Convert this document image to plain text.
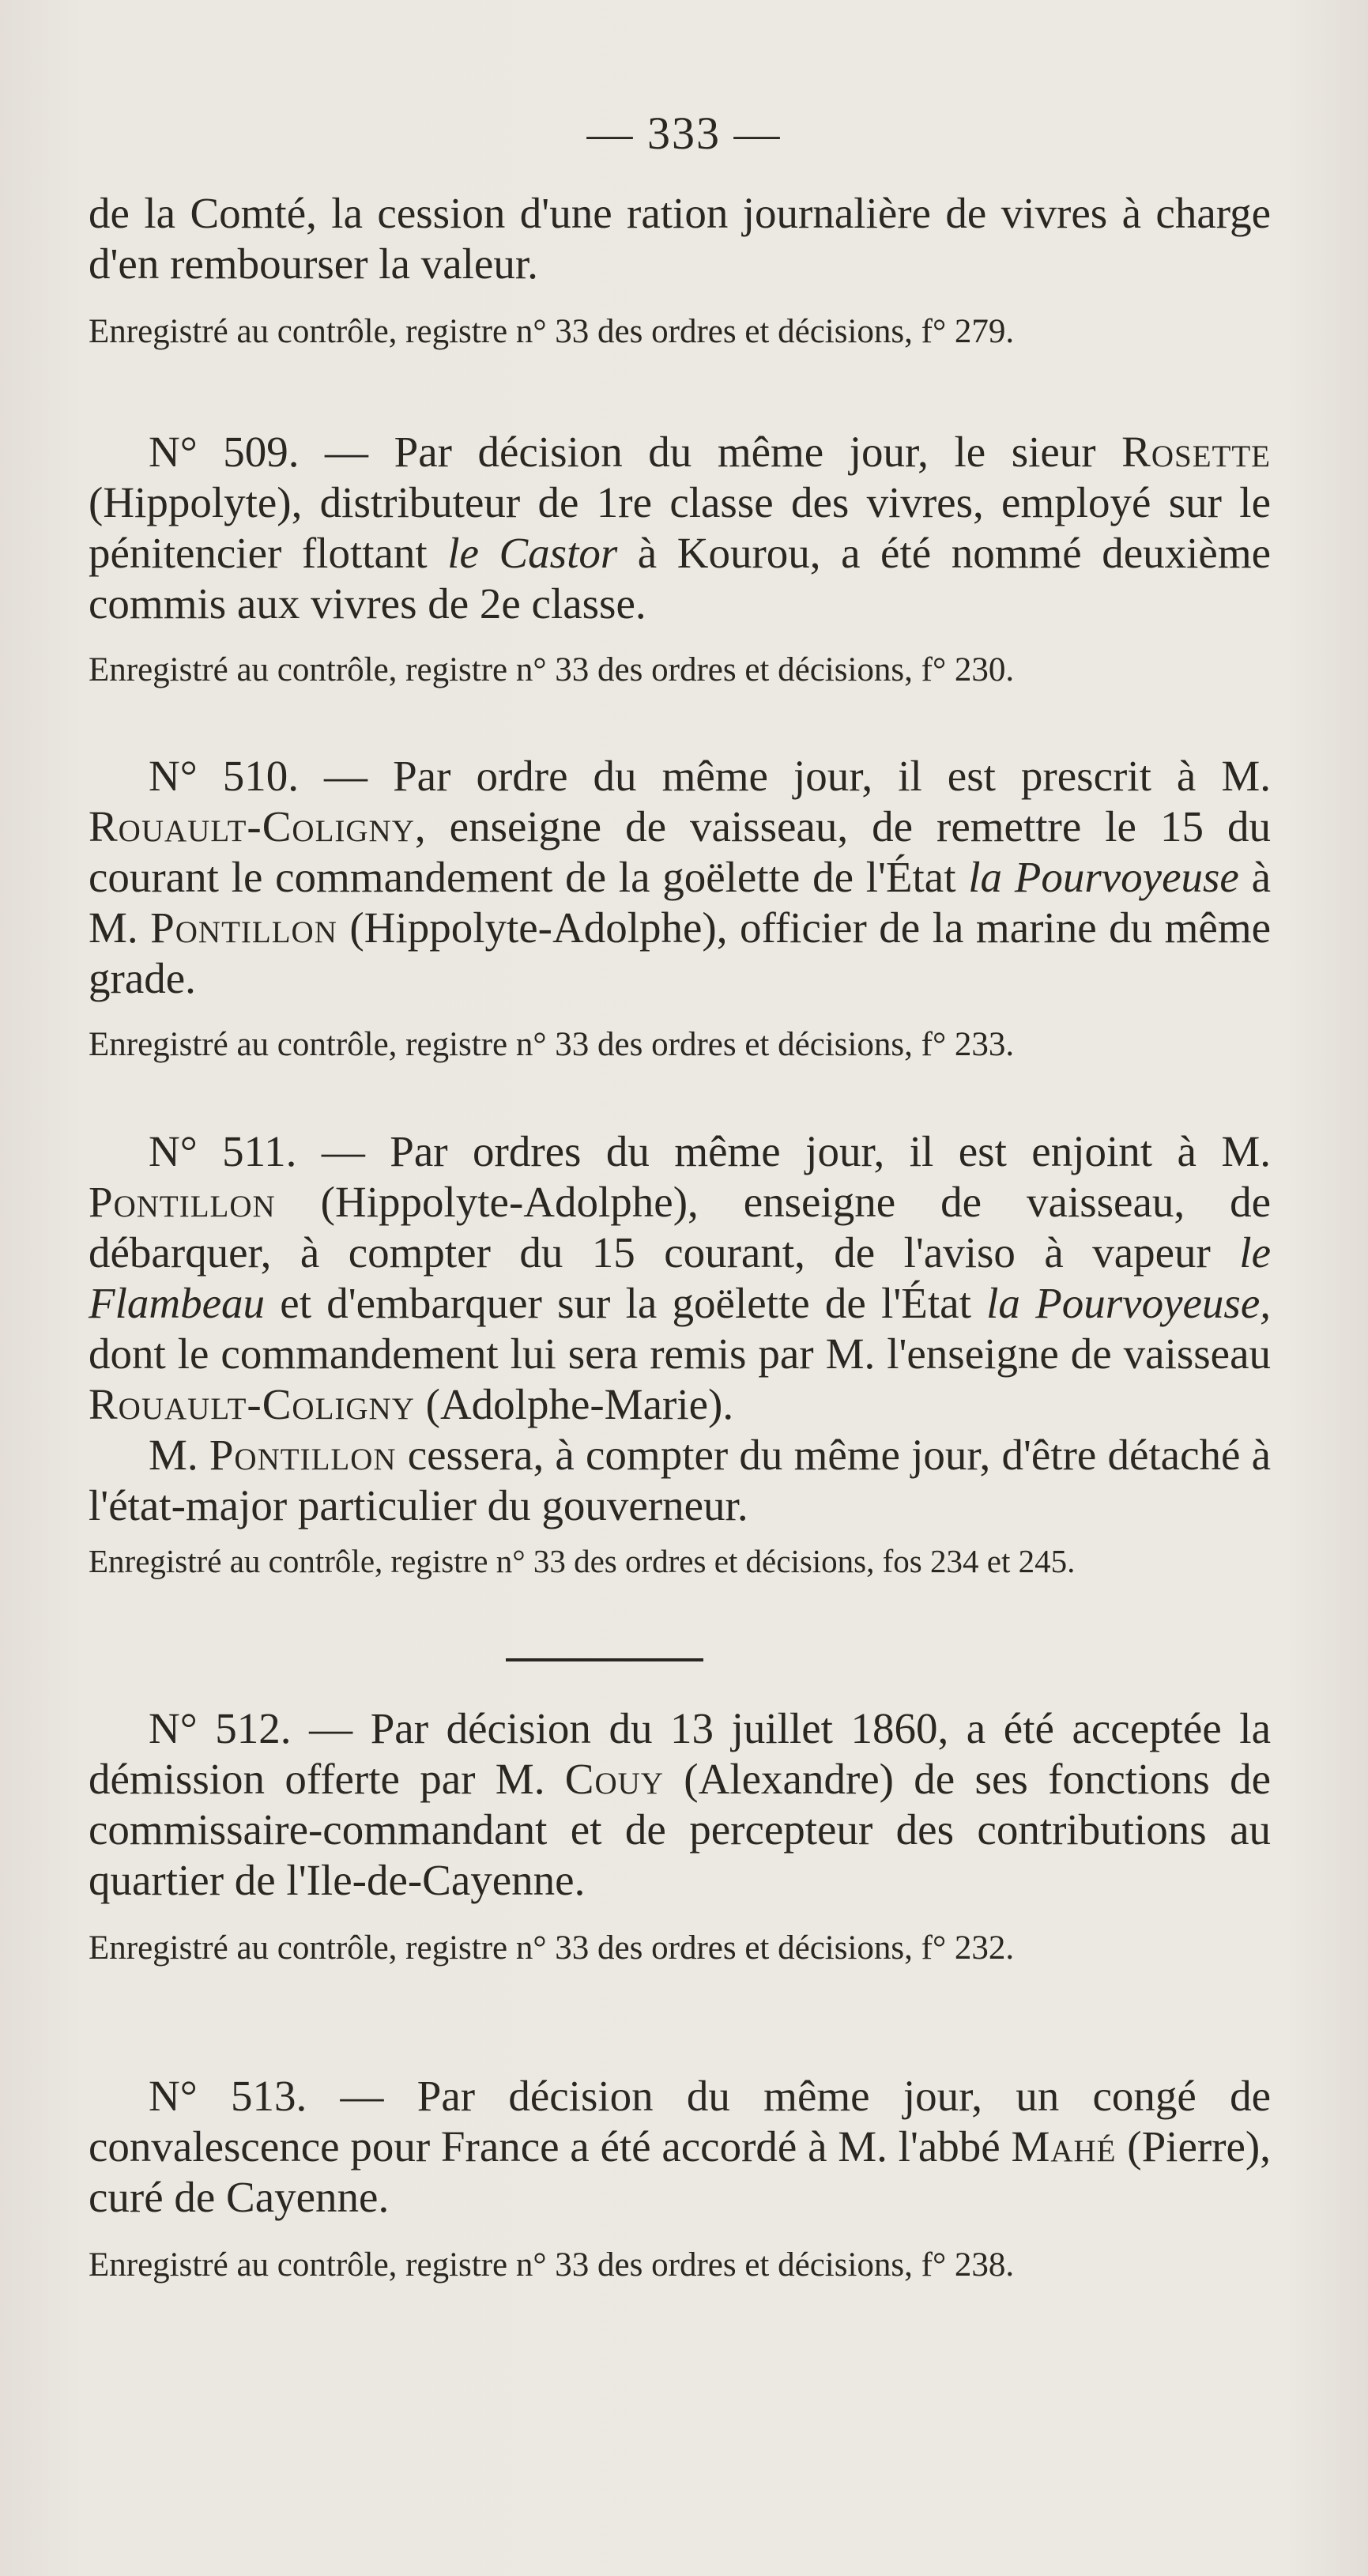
— 333 —

de la Comté, la cession d'une ration journalière de vivres à charge d'en rembourser la valeur.

Enregistré au contrôle, registre n° 33 des ordres et décisions, f° 279.

N° 509. — Par décision du même jour, le sieur Rosette (Hippolyte), distributeur de 1re classe des vivres, employé sur le pénitencier flottant le Castor à Kourou, a été nommé deuxième commis aux vivres de 2e classe.

Enregistré au contrôle, registre n° 33 des ordres et décisions, f° 230.

N° 510. — Par ordre du même jour, il est prescrit à M. Rouault-Coligny, enseigne de vaisseau, de remettre le 15 du courant le commandement de la goëlette de l'État la Pourvoyeuse à M. Pontillon (Hippolyte-Adolphe), officier de la marine du même grade.

Enregistré au contrôle, registre n° 33 des ordres et décisions, f° 233.

N° 511. — Par ordres du même jour, il est enjoint à M. Pontillon (Hippolyte-Adolphe), enseigne de vaisseau, de débarquer, à compter du 15 courant, de l'aviso à vapeur le Flambeau et d'embarquer sur la goëlette de l'État la Pourvoyeuse, dont le commandement lui sera remis par M. l'enseigne de vaisseau Rouault-Coligny (Adolphe-Marie).

M. Pontillon cessera, à compter du même jour, d'être détaché à l'état-major particulier du gouverneur.

Enregistré au contrôle, registre n° 33 des ordres et décisions, fos 234 et 245.

N° 512. — Par décision du 13 juillet 1860, a été acceptée la démission offerte par M. Couy (Alexandre) de ses fonctions de commissaire-commandant et de percepteur des contributions au quartier de l'Ile-de-Cayenne.

Enregistré au contrôle, registre n° 33 des ordres et décisions, f° 232.

N° 513. — Par décision du même jour, un congé de convalescence pour France a été accordé à M. l'abbé Mahé (Pierre), curé de Cayenne.

Enregistré au contrôle, registre n° 33 des ordres et décisions, f° 238.
